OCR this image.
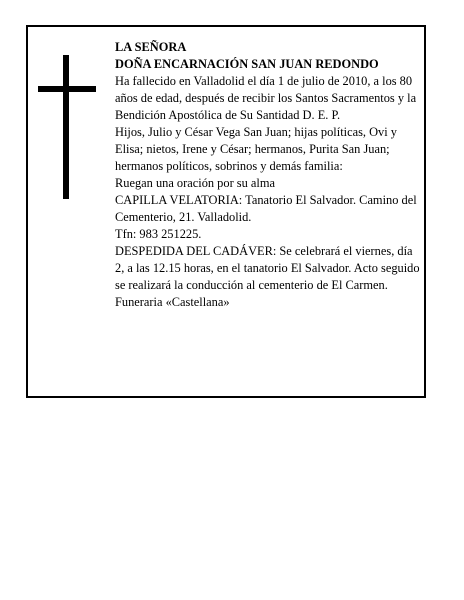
LA SEÑORA

DOÑA ENCARNACIÓN SAN JUAN REDONDO

Ha fallecido en Valladolid el día 1 de julio de 2010, a los 80 años de edad, después de recibir los Santos Sacramentos y la Bendición Apostólica de Su Santidad D. E. P.

Hijos, Julio y César Vega San Juan; hijas políticas, Ovi y Elisa; nietos, Irene y César; hermanos, Purita San Juan; hermanos políticos, sobrinos y demás familia:

Ruegan una oración por su alma

CAPILLA VELATORIA: Tanatorio El Salvador. Camino del Cementerio, 21. Valladolid.

Tfn: 983 251225.

DESPEDIDA DEL CADÁVER: Se celebrará el viernes, día 2, a las 12.15 horas, en el tanatorio El Salvador. Acto seguido se realizará la conducción al cementerio de El Carmen.

Funeraria «Castellana»
